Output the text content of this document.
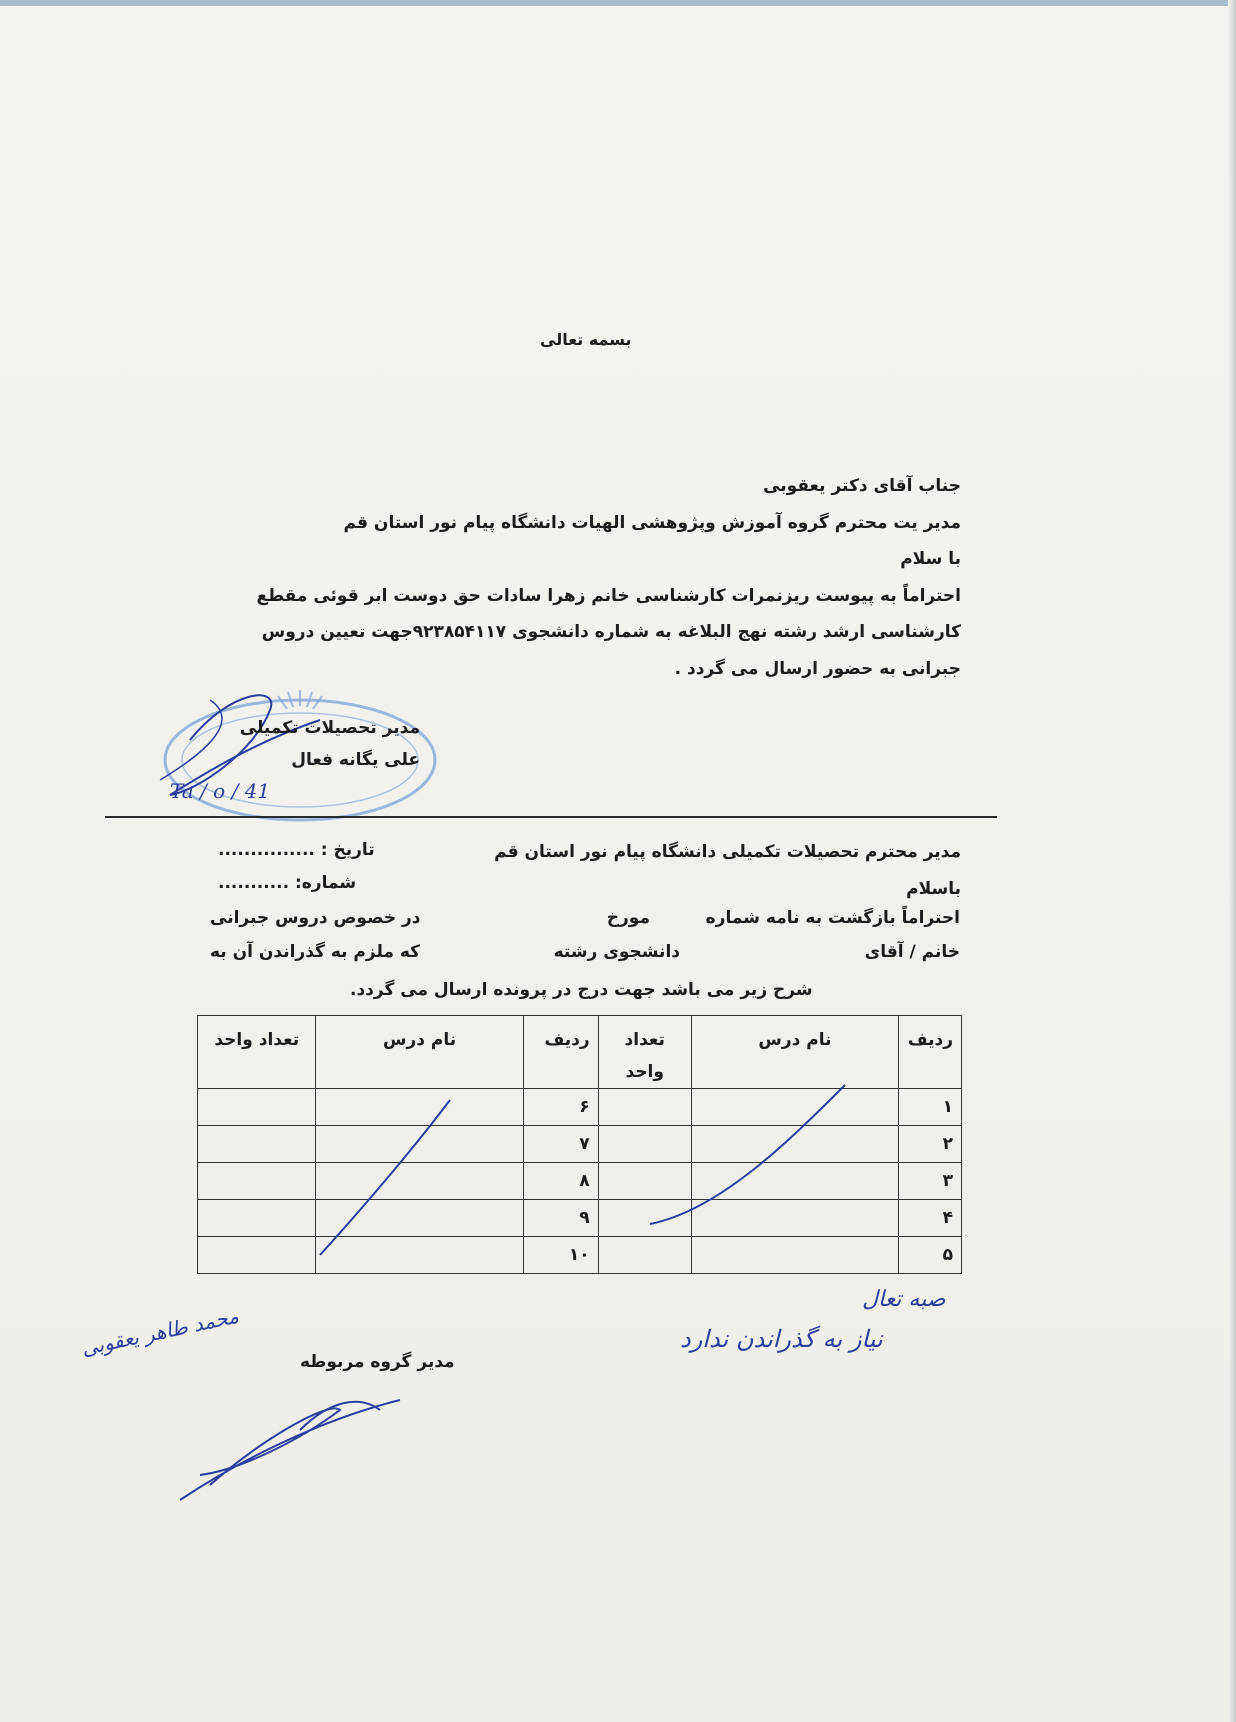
بسمه تعالی
جناب آقای دکتر یعقوبی
مدیر یت محترم گروه آموزش وپژوهشی الهیات دانشگاه پیام نور استان قم
با سلام
احتراماً به پیوست ریزنمرات کارشناسی خانم زهرا سادات حق دوست ابر قوئی مقطع
کارشناسی ارشد رشته نهج البلاغه به شماره دانشجوی ۹۲۳۸۵۴۱۱۷جهت تعیین دروس
جبرانی به حضور ارسال می گردد .
Ta / o / 41
مدیر تحصیلات تکمیلی
علی یگانه فعال
مدیر محترم تحصیلات تکمیلی دانشگاه پیام نور استان قم
باسلام
تاریخ : ...............
شماره: ...........
احتراماً بازگشت به نامه شماره
مورخ
در خصوص دروس جبرانی
خانم / آقای
دانشجوی رشته
که ملزم به گذراندن آن به
شرح زیر می باشد جهت درج در پرونده ارسال می گردد.
ردیف	نام درس	تعداد واحد	ردیف	نام درس	تعداد واحد
۱			۶		
۲			۷		
۳			۸		
۴			۹		
۵			۱۰		
صبه تعال
نیاز به گذراندن ندارد
مدیر گروه مربوطه
محمد طاهر یعقوبی
